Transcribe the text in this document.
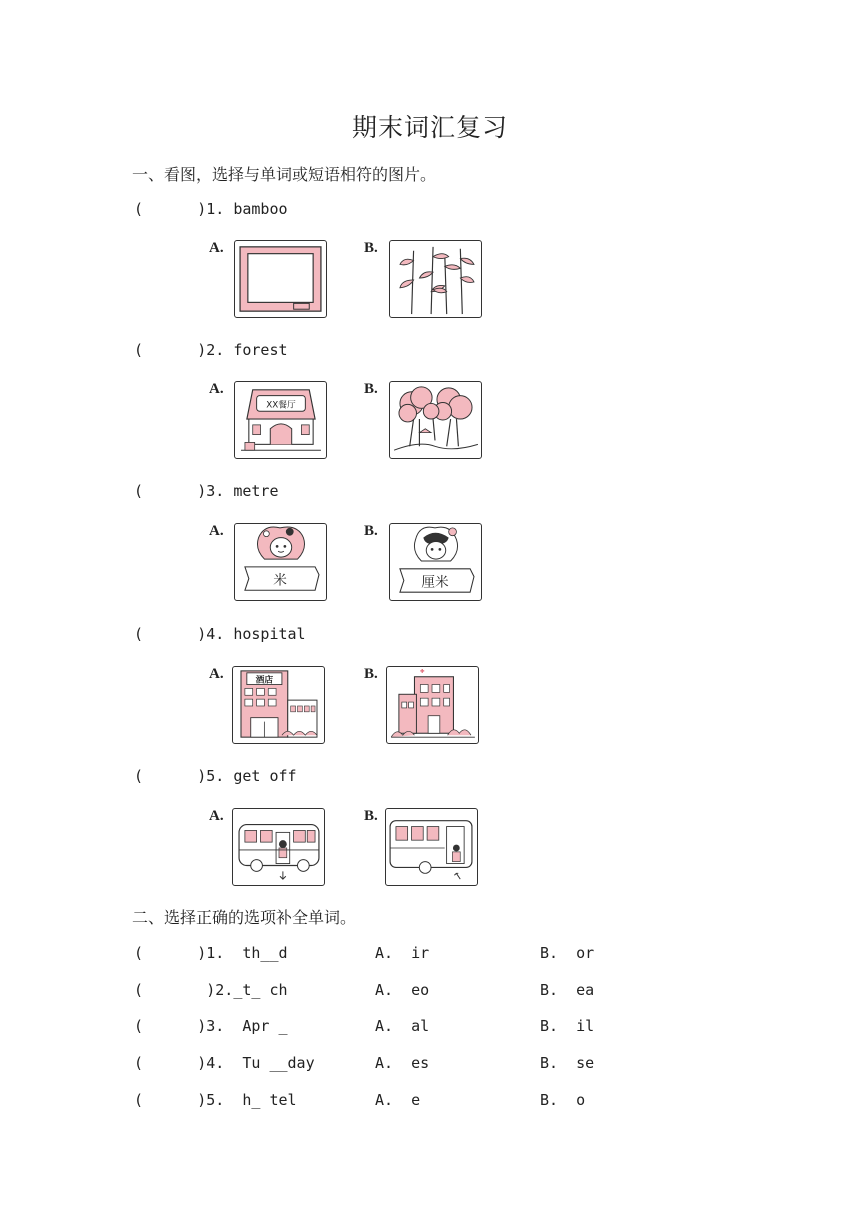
期末词汇复习
一、看图，选择与单词或短语相符的图片。
(      )1. bamboo
A.	B.
(      )2. forest
A.
XX餐厅
B.
(      )3. metre
A.
米
B.
厘米
(      )4. hospital
A.	酒店	B.
(      )5. get off
A.	B.
二、选择正确的选项补全单词。
(      )1.  th__d	A.  ir	B.  or
(       )2._t_ ch	A.  eo	B.  ea
(      )3.  Apr _	A.  al	B.  il
(      )4.  Tu __day	A.  es	B.  se
(      )5.  h_ tel	A.  e	B.  o
